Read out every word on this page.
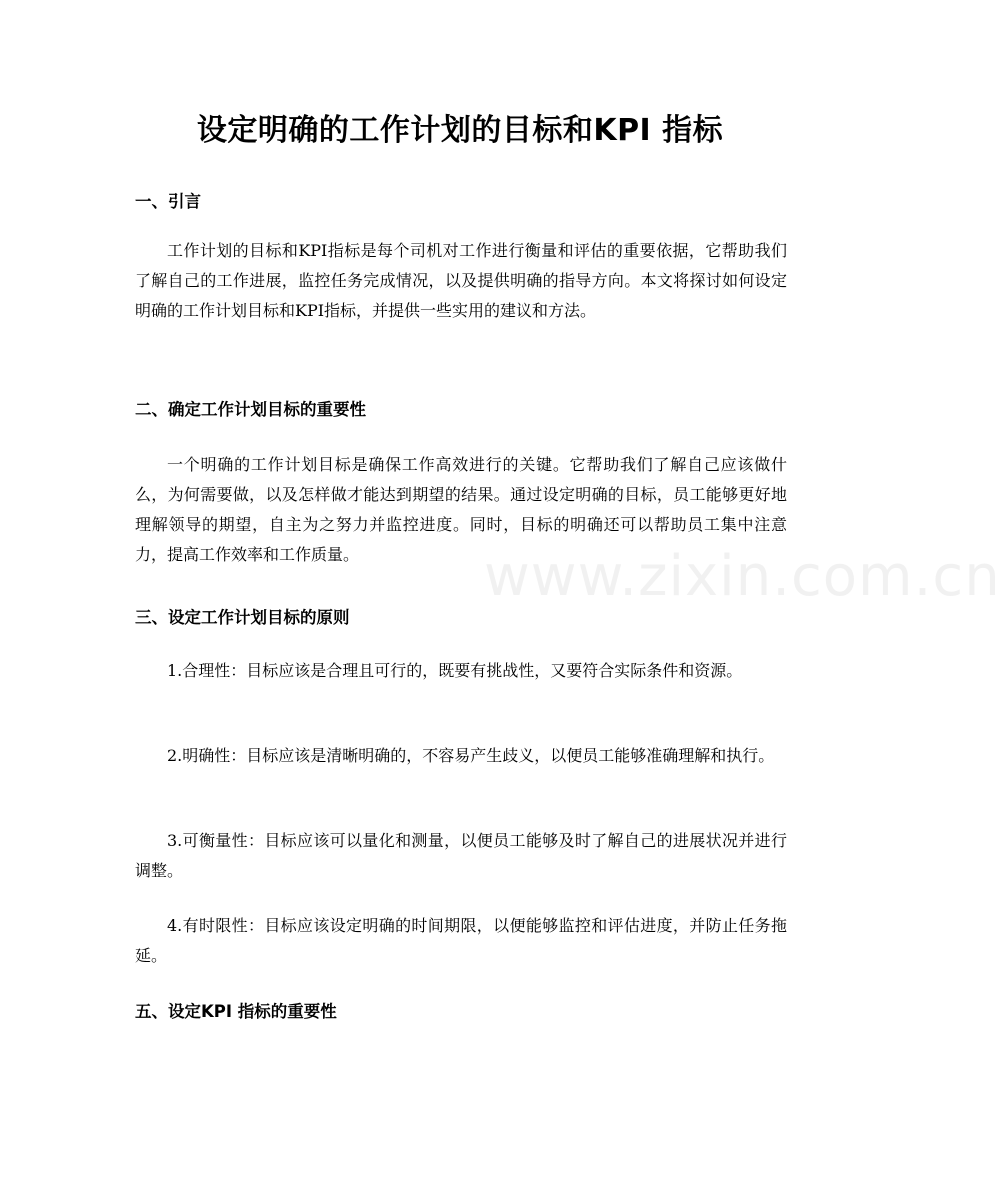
设定明确的工作计划的目标和KPI 指标
一、引言
工作计划的目标和KPI指标是每个司机对工作进行衡量和评估的重要依据，它帮助我们了解自己的工作进展，监控任务完成情况，以及提供明确的指导方向。本文将探讨如何设定明确的工作计划目标和KPI指标，并提供一些实用的建议和方法。
二、确定工作计划目标的重要性
一个明确的工作计划目标是确保工作高效进行的关键。它帮助我们了解自己应该做什么，为何需要做，以及怎样做才能达到期望的结果。通过设定明确的目标，员工能够更好地理解领导的期望，自主为之努力并监控进度。同时，目标的明确还可以帮助员工集中注意力，提高工作效率和工作质量。
三、设定工作计划目标的原则
1.合理性：目标应该是合理且可行的，既要有挑战性，又要符合实际条件和资源。
2.明确性：目标应该是清晰明确的，不容易产生歧义，以便员工能够准确理解和执行。
3.可衡量性：目标应该可以量化和测量，以便员工能够及时了解自己的进展状况并进行调整。
4.有时限性：目标应该设定明确的时间期限，以便能够监控和评估进度，并防止任务拖延。
五、设定KPI 指标的重要性
www.zixin.com.cn
